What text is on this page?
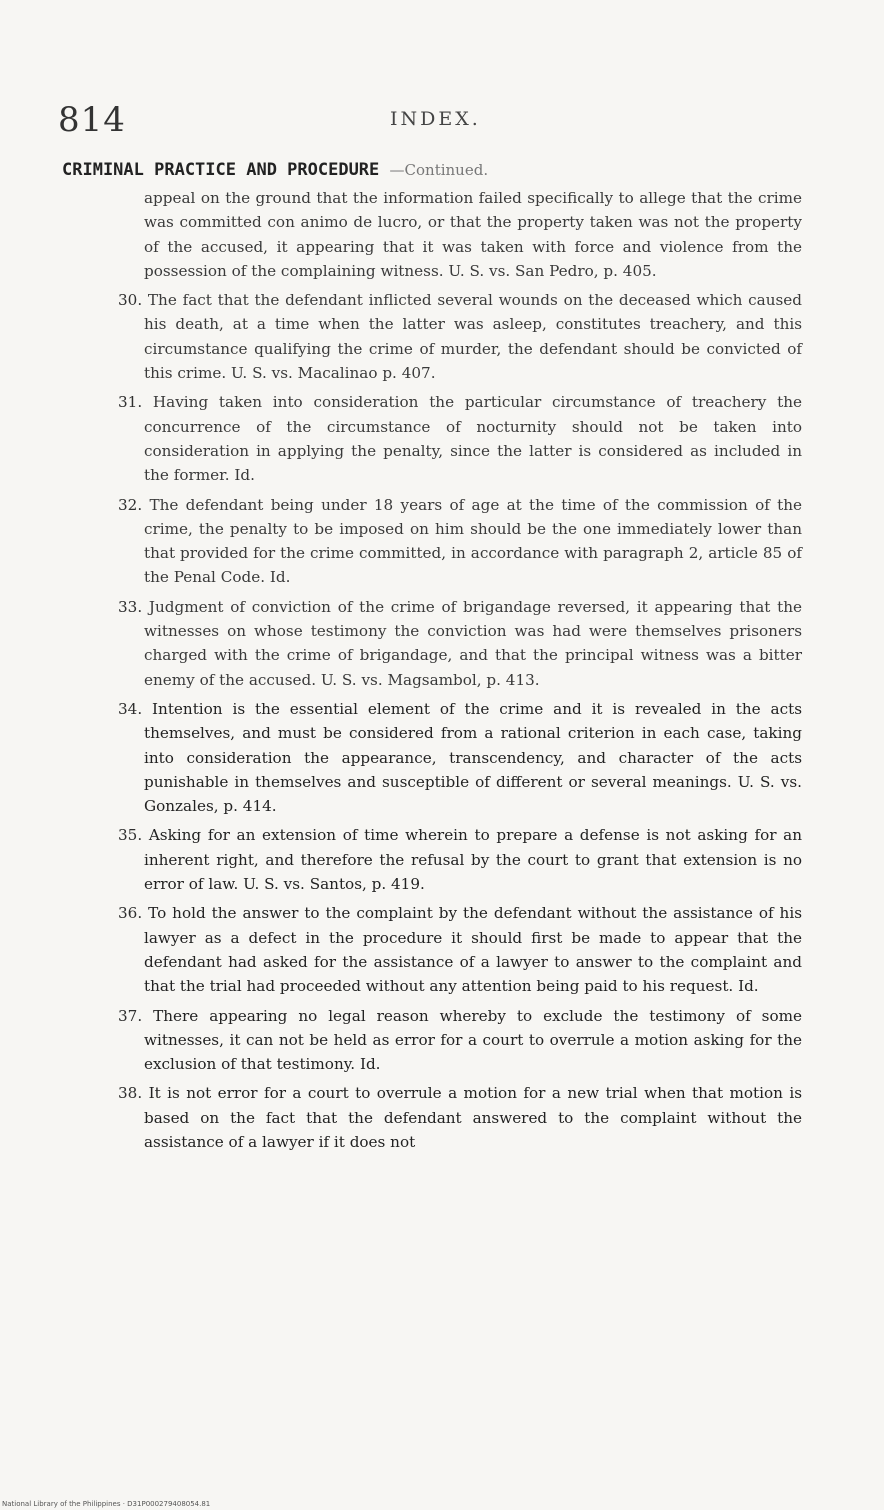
814	INDEX.
CRIMINAL PRACTICE AND PROCEDURE —Continued.

appeal on the ground that the information failed specifically to allege that the crime was committed con animo de lucro, or that the property taken was not the property of the accused, it appearing that it was taken with force and violence from the possession of the complaining witness. U. S. vs. San Pedro, p. 405.

30. The fact that the defendant inflicted several wounds on the deceased which caused his death, at a time when the latter was asleep, constitutes treachery, and this circumstance qualifying the crime of murder, the defendant should be convicted of this crime. U. S. vs. Macalinao p. 407.

31. Having taken into consideration the particular circumstance of treachery the concurrence of the circumstance of nocturnity should not be taken into consideration in applying the penalty, since the latter is considered as included in the former. Id.

32. The defendant being under 18 years of age at the time of the commission of the crime, the penalty to be imposed on him should be the one immediately lower than that provided for the crime committed, in accordance with paragraph 2, article 85 of the Penal Code. Id.

33. Judgment of conviction of the crime of brigandage reversed, it appearing that the witnesses on whose testimony the conviction was had were themselves prisoners charged with the crime of brigandage, and that the principal witness was a bitter enemy of the accused. U. S. vs. Magsambol, p. 413.

34. Intention is the essential element of the crime and it is revealed in the acts themselves, and must be considered from a rational criterion in each case, taking into consideration the appearance, transcendency, and character of the acts punishable in themselves and susceptible of different or several meanings. U. S. vs. Gonzales, p. 414.

35. Asking for an extension of time wherein to prepare a defense is not asking for an inherent right, and therefore the refusal by the court to grant that extension is no error of law. U. S. vs. Santos, p. 419.

36. To hold the answer to the complaint by the defendant without the assistance of his lawyer as a defect in the procedure it should first be made to appear that the defendant had asked for the assistance of a lawyer to answer to the complaint and that the trial had proceeded without any attention being paid to his request. Id.

37. There appearing no legal reason whereby to exclude the testimony of some witnesses, it can not be held as error for a court to overrule a motion asking for the exclusion of that testimony. Id.

38. It is not error for a court to overrule a motion for a new trial when that motion is based on the fact that the defendant answered to the complaint without the assistance of a lawyer if it does not

National Library of the Philippines · D31P000279408054.81
